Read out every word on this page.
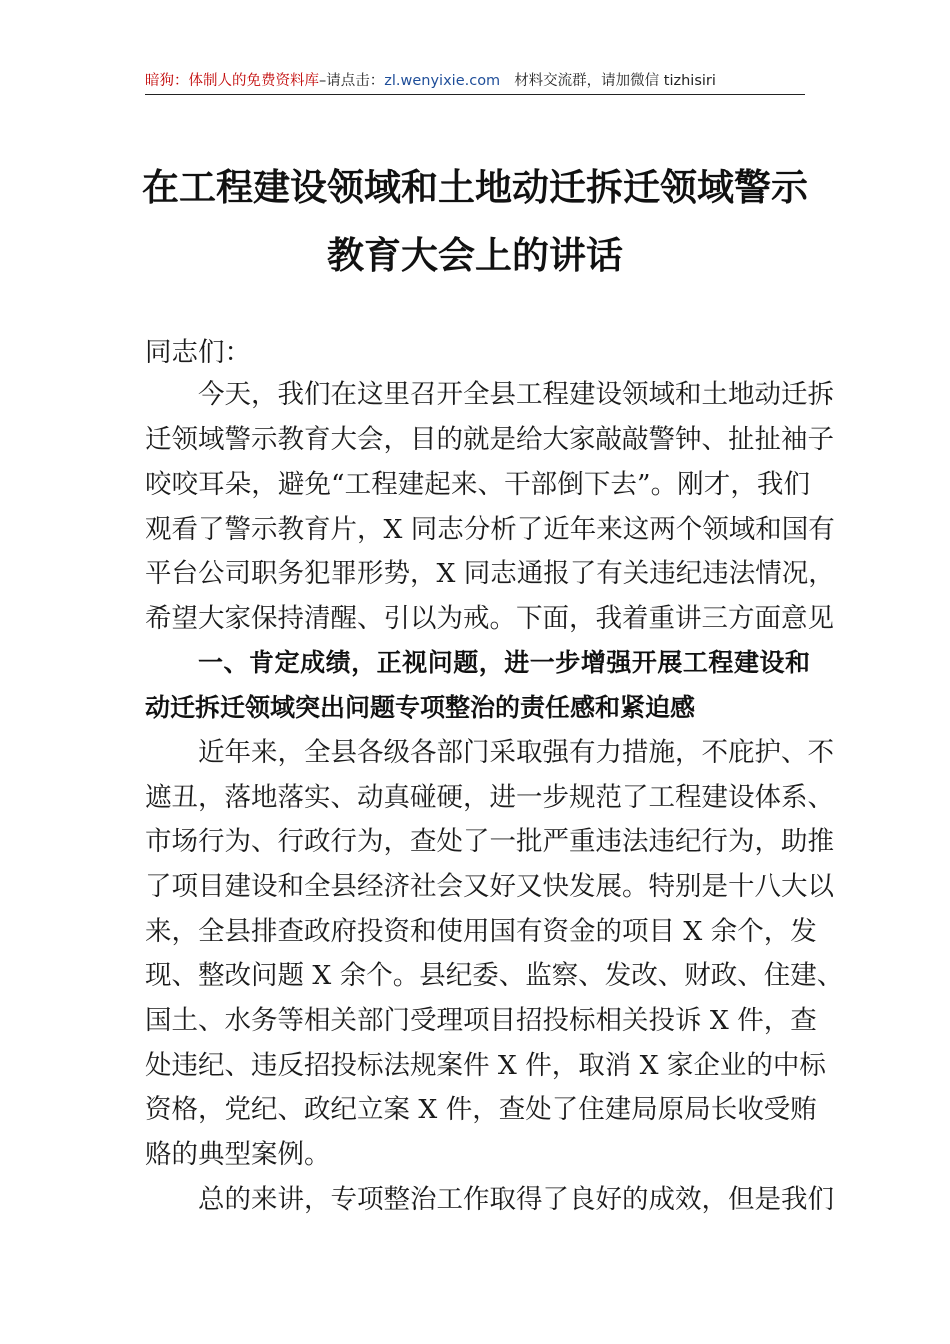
暗狗：体制人的免费资料库–请点击：zl.wenyixie.com 材料交流群，请加微信 tizhisiri
在工程建设领域和土地动迁拆迁领域警示
教育大会上的讲话
同志们：
今天，我们在这里召开全县工程建设领域和土地动迁拆
迁领域警示教育大会，目的就是给大家敲敲警钟、扯扯袖子
咬咬耳朵，避免“工程建起来、干部倒下去”。刚才，我们
观看了警示教育片，X 同志分析了近年来这两个领域和国有
平台公司职务犯罪形势，X 同志通报了有关违纪违法情况，
希望大家保持清醒、引以为戒。下面，我着重讲三方面意见
一、肯定成绩，正视问题，进一步增强开展工程建设和
动迁拆迁领域突出问题专项整治的责任感和紧迫感
近年来，全县各级各部门采取强有力措施，不庇护、不
遮丑，落地落实、动真碰硬，进一步规范了工程建设体系、
市场行为、行政行为，查处了一批严重违法违纪行为，助推
了项目建设和全县经济社会又好又快发展。特别是十八大以
来，全县排查政府投资和使用国有资金的项目 X 余个，发
现、整改问题 X 余个。县纪委、监察、发改、财政、住建、
国土、水务等相关部门受理项目招投标相关投诉 X 件，查
处违纪、违反招投标法规案件 X 件，取消 X 家企业的中标
资格，党纪、政纪立案 X 件，查处了住建局原局长收受贿
赂的典型案例。
总的来讲，专项整治工作取得了良好的成效，但是我们
